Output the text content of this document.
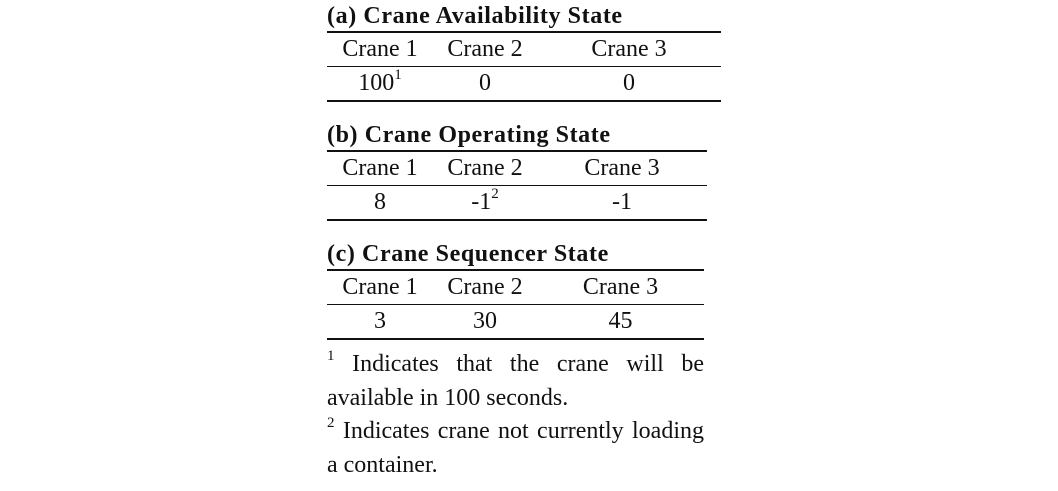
(a) Crane Availability State
Crane 1	Crane 2	Crane 3
$100^1$	0	0
(b) Crane Operating State
Crane 1	Crane 2	Crane 3
8	$-1^2$	-1
(c) Crane Sequencer State
Crane 1	Crane 2	Crane 3
3	30	45
$^1$ Indicates that the crane will be available in 100 seconds.
$^2$ Indicates crane not currently loading a container.
